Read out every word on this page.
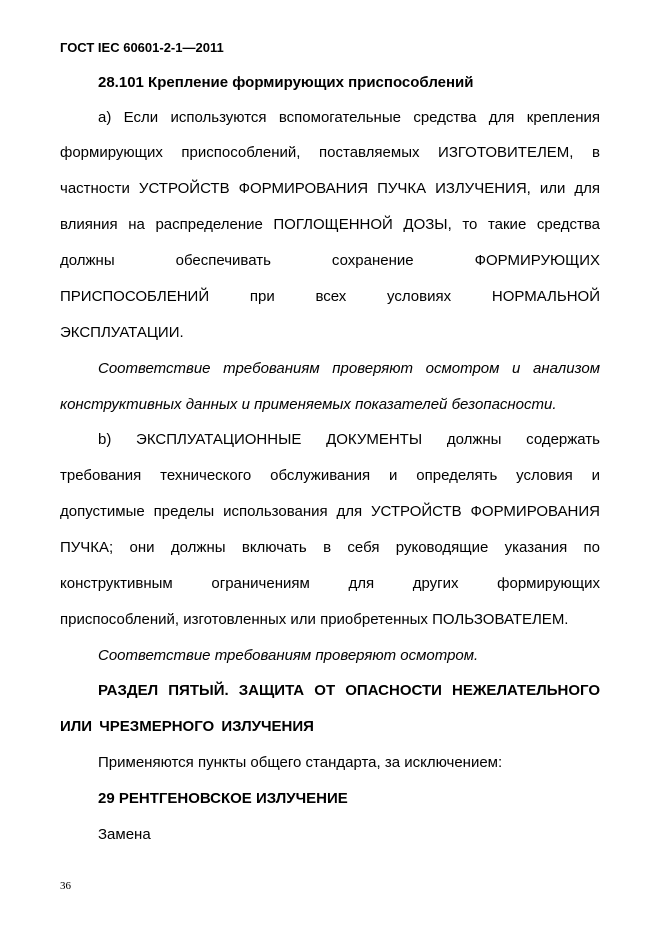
ГОСТ IEC 60601-2-1—2011
28.101 Крепление формирующих приспособлений
а) Если используются вспомогательные средства для крепления
формирующих приспособлений, поставляемых ИЗГОТОВИТЕЛЕМ, в
частности УСТРОЙСТВ ФОРМИРОВАНИЯ ПУЧКА ИЗЛУЧЕНИЯ, или для
влияния на распределение ПОГЛОЩЕННОЙ ДОЗЫ, то такие средства
должны обеспечивать сохранение ФОРМИРУЮЩИХ
ПРИСПОСОБЛЕНИЙ при всех условиях НОРМАЛЬНОЙ
ЭКСПЛУАТАЦИИ.
Соответствие требованиям проверяют осмотром и анализом
конструктивных данных и применяемых показателей безопасности.
b) ЭКСПЛУАТАЦИОННЫЕ ДОКУМЕНТЫ должны содержать
требования технического обслуживания и определять условия и
допустимые пределы использования для УСТРОЙСТВ ФОРМИРОВАНИЯ
ПУЧКА; они должны включать в себя руководящие указания по
конструктивным ограничениям для других формирующих
приспособлений, изготовленных или приобретенных ПОЛЬЗОВАТЕЛЕМ.
Соответствие требованиям проверяют осмотром.
РАЗДЕЛ ПЯТЫЙ. ЗАЩИТА ОТ ОПАСНОСТИ НЕЖЕЛАТЕЛЬНОГО
ИЛИ ЧРЕЗМЕРНОГО ИЗЛУЧЕНИЯ
Применяются пункты общего стандарта, за исключением:
29 РЕНТГЕНОВСКОЕ ИЗЛУЧЕНИЕ
Замена
36
